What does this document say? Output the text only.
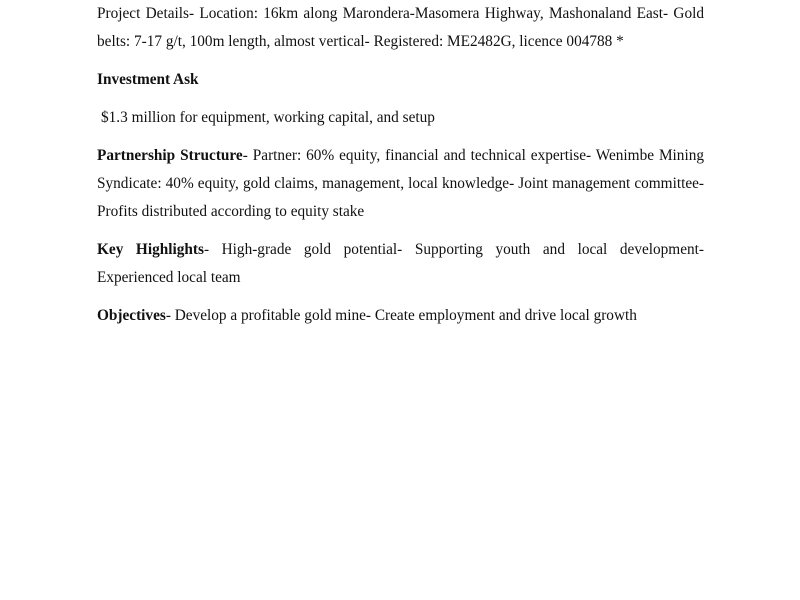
Project Details- Location: 16km along Marondera-Masomera Highway, Mashonaland East- Gold belts: 7-17 g/t, 100m length, almost vertical- Registered: ME2482G, licence 004788 *

Investment Ask

$1.3 million for equipment, working capital, and setup

Partnership Structure- Partner: 60% equity, financial and technical expertise- Wenimbe Mining Syndicate: 40% equity, gold claims, management, local knowledge- Joint management committee- Profits distributed according to equity stake

Key Highlights- High-grade gold potential- Supporting youth and local development- Experienced local team

Objectives- Develop a profitable gold mine- Create employment and drive local growth
